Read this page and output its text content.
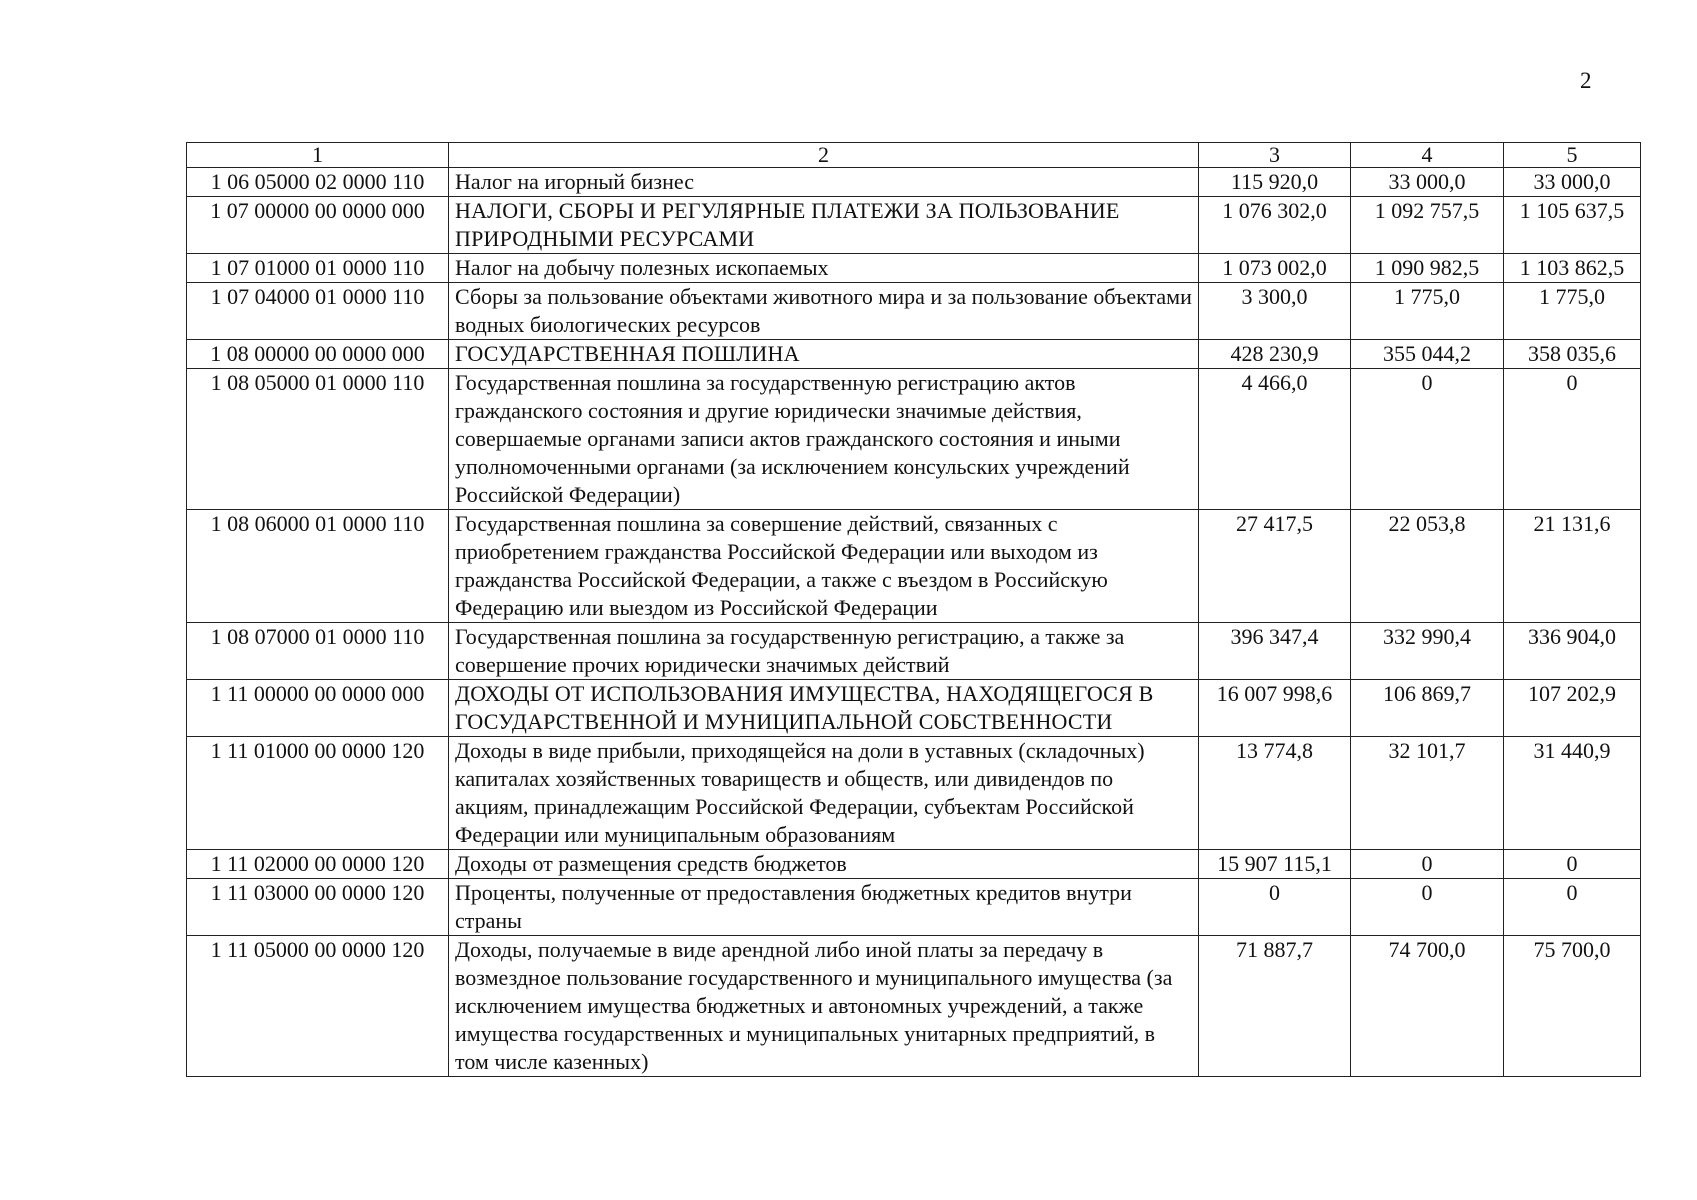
2
1	2	3	4	5
1 06 05000 02 0000 110	Налог на игорный бизнес	115 920,0	33 000,0	33 000,0
1 07 00000 00 0000 000	НАЛОГИ, СБОРЫ И РЕГУЛЯРНЫЕ ПЛАТЕЖИ ЗА ПОЛЬЗОВАНИЕ ПРИРОДНЫМИ РЕСУРСАМИ	1 076 302,0	1 092 757,5	1 105 637,5
1 07 01000 01 0000 110	Налог на добычу полезных ископаемых	1 073 002,0	1 090 982,5	1 103 862,5
1 07 04000 01 0000 110	Сборы за пользование объектами животного мира и за пользование объектами водных биологических ресурсов	3 300,0	1 775,0	1 775,0
1 08 00000 00 0000 000	ГОСУДАРСТВЕННАЯ ПОШЛИНА	428 230,9	355 044,2	358 035,6
1 08 05000 01 0000 110	Государственная пошлина за государственную регистрацию актов гражданского состояния и другие юридически значимые действия, совершаемые органами записи актов гражданского состояния и иными уполномоченными органами (за исключением консульских учреждений Российской Федерации)	4 466,0	0	0
1 08 06000 01 0000 110	Государственная пошлина за совершение действий, связанных с приобретением гражданства Российской Федерации или выходом из гражданства Российской Федерации, а также с въездом в Российскую Федерацию или выездом из Российской Федерации	27 417,5	22 053,8	21 131,6
1 08 07000 01 0000 110	Государственная пошлина за государственную регистрацию, а также за совершение прочих юридически значимых действий	396 347,4	332 990,4	336 904,0
1 11 00000 00 0000 000	ДОХОДЫ ОТ ИСПОЛЬЗОВАНИЯ ИМУЩЕСТВА, НАХОДЯЩЕГОСЯ В ГОСУДАРСТВЕННОЙ И МУНИЦИПАЛЬНОЙ СОБСТВЕННОСТИ	16 007 998,6	106 869,7	107 202,9
1 11 01000 00 0000 120	Доходы в виде прибыли, приходящейся на доли в уставных (складочных) капиталах хозяйственных товариществ и обществ, или дивидендов по акциям, принадлежащим Российской Федерации, субъектам Российской Федерации или муниципальным образованиям	13 774,8	32 101,7	31 440,9
1 11 02000 00 0000 120	Доходы от размещения средств бюджетов	15 907 115,1	0	0
1 11 03000 00 0000 120	Проценты, полученные от предоставления бюджетных кредитов внутри страны	0	0	0
1 11 05000 00 0000 120	Доходы, получаемые в виде арендной либо иной платы за передачу в возмездное пользование государственного и муниципального имущества (за исключением имущества бюджетных и автономных учреждений, а также имущества государственных и муниципальных унитарных предприятий, в том числе казенных)	71 887,7	74 700,0	75 700,0
